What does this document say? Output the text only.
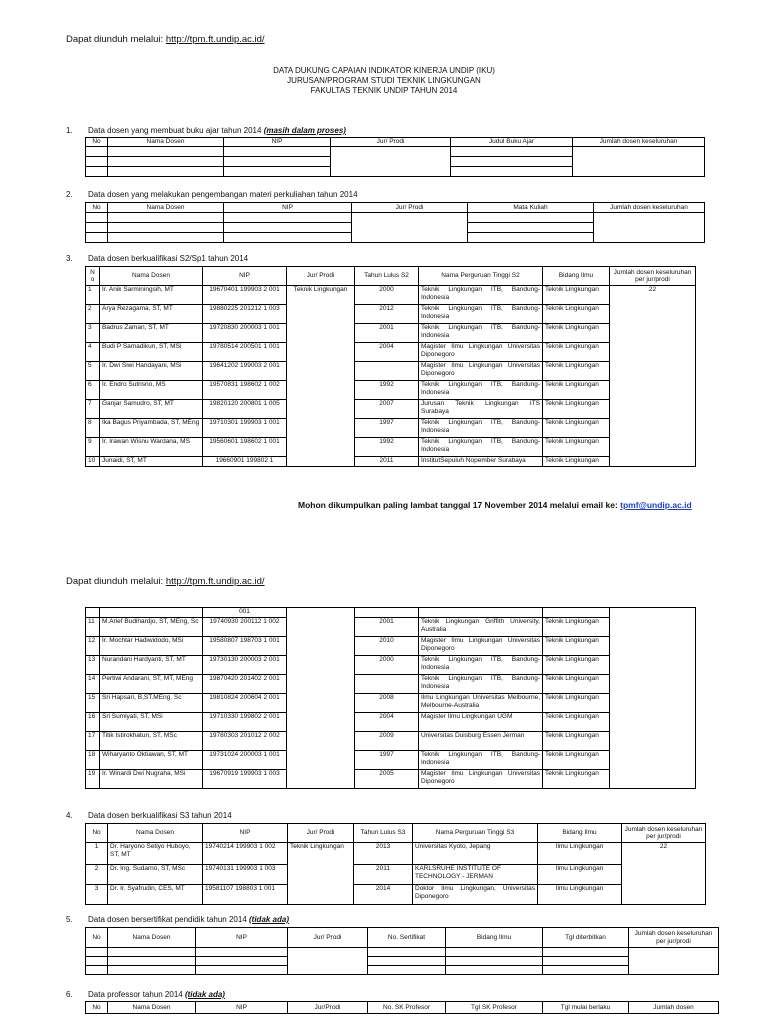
Dapat diunduh melalui: http://tpm.ft.undip.ac.id/
DATA DUKUNG CAPAIAN INDIKATOR KINERJA UNDIP (IKU)
JURUSAN/PROGRAM STUDI TEKNIK LINGKUNGAN
FAKULTAS TEKNIK UNDIP TAHUN 2014
1. Data dosen yang membuat buku ajar tahun 2014 (masih dalam proses)
No	Nama Dosen	NIP	Jur/ Prodi	Judul Buku Ajar	Jumlah dosen keseluruhan

2. Data dosen yang melakukan pengembangan materi perkuliahan tahun 2014
No	Nama Dosen	NIP	Jur/ Prodi	Mata Kuliah	Jumlah dosen keseluruhan

3. Data dosen berkualifikasi S2/Sp1 tahun 2014
N o	Nama Dosen	NIP	Jur/ Prodi	Tahun Lulus S2	Nama Perguruan Tinggi S2	Bidang Ilmu	Jumlah dosen keseluruhan per jur/prodi
1	Ir. Anik Sarminingsih, MT	19670401 199903 2 001	Teknik Lingkungan	2000	Teknik Lingkungan ITB, Bandung-Indonesia	Teknik Lingkungan	22
2	Arya Rezagama, ST, MT	19880225 201212 1 003		2012	Teknik Lingkungan ITB, Bandung-Indonesia	Teknik Lingkungan	
3	Badrus Zaman, ST, MT	19720830 200003 1 001		2001	Teknik Lingkungan ITB, Bandung-Indonesia	Teknik Lingkungan	
4	Budi P Samadikun, ST, MSi	19780514 200501 1 001		2004	Magister Ilmu Lingkungan Universitas Diponegoro	Teknik Lingkungan	
5	Ir. Dwi Siwi Handayani, MSi	19641202 199003 2 001			Magister Ilmu Lingkungan Universitas Diponegoro	Teknik Lingkungan	
6	Ir. Endro Sutrisno, MS	19570831 198602 1 002		1992	Teknik Lingkungan ITB, Bandung-Indonesia	Teknik Lingkungan	
7	Ganjar Samudro, ST, MT	19820120 200801 1 005		2007	Jurusan Teknik Lingkungan ITS Surabaya	Teknik Lingkungan	
8	Ika Bagus Priyambada, ST, MEng	19710301 199903 1 001		1997	Teknik Lingkungan ITB, Bandung-Indonesia	Teknik Lingkungan	
9	Ir. Irawan Wisnu Wardana, MS	19560601 198602 1 001		1992	Teknik Lingkungan ITB, Bandung-Indonesia	Teknik Lingkungan	
10	Junaidi, ST, MT	19660901 199802 1		2011	InstitutSepuluh Nopember Surabaya	Teknik Lingkungan	
Mohon dikumpulkan paling lambat tanggal 17 November 2014 melalui email ke: tpmf@undip.ac.id
Dapat diunduh melalui: http://tpm.ft.undip.ac.id/
		001					
11	M.Arief Budihardjo, ST, MEng, Sc	19740930 200112 1 002		2001	Teknik Lingkungan Griffith University, Australia	Teknik Lingkungan	
12	Ir. Mochtar Hadiwidodo, MSi	19580807 198703 1 001		2010	Magister Ilmu Lingkungan Universitas Diponegoro	Teknik Lingkungan	
13	Nurandani Hardyanti, ST, MT	19730130 200003 2 001		2000	Teknik Lingkungan ITB, Bandung-Indonesia	Teknik Lingkungan	
14	Pertiwi Andarani, ST, MT, MEng	19870420 201402 2 001			Teknik Lingkungan ITB, Bandung-Indonesia	Teknik Lingkungan	
15	Sri Hapsari, B,ST.MEng. Sc	19810824 200604 2 001		2008	Ilmu Lingkungan Universitas Melbourne, Melbourne-Australia	Teknik Lingkungan	
16	Sri Sumiyati, ST, MSi	19710330 199802 2 001		2004	Magister Ilmu Lingkungan UGM	Teknik Lingkungan	
17	Titik Istirokhatun, ST, MSc	19780303 201012 2 002		2009	Universitas Duisburg Essen Jerman	Teknik Lingkungan	
18	Wiharyanto Oktiawan, ST, MT	19731024 200003 1 001		1997	Teknik Lingkungan ITB, Bandung-Indonesia	Teknik Lingkungan	
19	Ir. Winardi Dwi Nugraha, MSi	19670919 199903 1 003		2005	Magister Ilmu Lingkungan Universitas Diponegoro	Teknik Lingkungan	
4. Data dosen berkualifikasi S3 tahun 2014
No	Nama Dosen	NIP	Jur/ Prodi	Tahun Lulus S3	Nama Perguruan Tinggi S3	Bidang Ilmu	Jumlah dosen keseluruhan per jur/prodi
1	Dr. Haryono Setiyo Huboyo, ST, MT	19740214 199903 1 002	Teknik Lingkungan	2013	Universitas Kyoto, Jepang	Ilmu Lingkungan	22
2	Dr. Ing. Sudarno, ST, MSc	19740131 199903 1 003		2011	KARLSRUHE INSTITUTE OF TECHNOLOGY - JERMAN	Ilmu Lingkungan	
3	Dr. Ir. Syafrudin, CES, MT	19581107 198803 1 001		2014	Doktor Ilmu Lingkungan, Universitas Diponegoro	Ilmu Lingkungan	
5. Data dosen bersertifikat pendidik tahun 2014 (tidak ada)
No	Nama Dosen	NIP	Jur/ Prodi	No. Sertifikat	Bidang Ilmu	Tgl diterbitkan	Jumlah dosen keseluruhan per jur/prodi

6. Data professor tahun 2014 (tidak ada)
No	Nama Dosen	NIP	Jur/Prodi	No. SK Profesor	Tgl SK Profesor	Tgl mulai berlaku	Jumlah dosen
